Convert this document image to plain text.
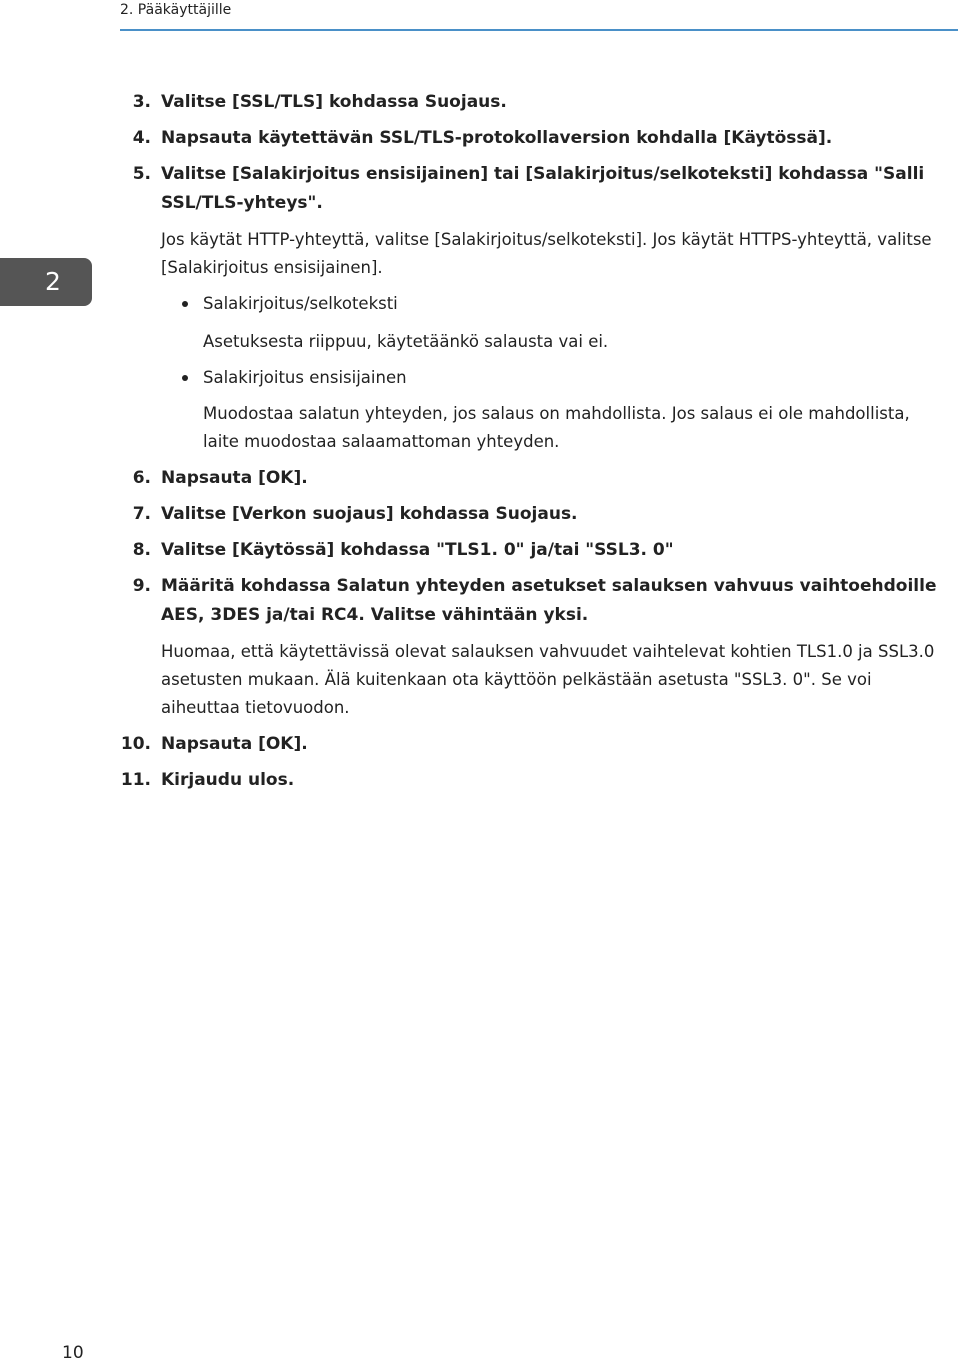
2. Pääkäyttäjille
2
3. Valitse [SSL/TLS] kohdassa Suojaus.
4. Napsauta käytettävän SSL/TLS-protokollaversion kohdalla [Käytössä].
5. Valitse [Salakirjoitus ensisijainen] tai [Salakirjoitus/selkoteksti] kohdassa "Salli SSL/TLS-yhteys".
Jos käytät HTTP-yhteyttä, valitse [Salakirjoitus/selkoteksti]. Jos käytät HTTPS-yhteyttä, valitse [Salakirjoitus ensisijainen].
Salakirjoitus/selkoteksti
Asetuksesta riippuu, käytetäänkö salausta vai ei.
Salakirjoitus ensisijainen
Muodostaa salatun yhteyden, jos salaus on mahdollista. Jos salaus ei ole mahdollista, laite muodostaa salaamattoman yhteyden.
6. Napsauta [OK].
7. Valitse [Verkon suojaus] kohdassa Suojaus.
8. Valitse [Käytössä] kohdassa "TLS1. 0" ja/tai "SSL3. 0"
9. Määritä kohdassa Salatun yhteyden asetukset salauksen vahvuus vaihtoehdoille AES, 3DES ja/tai RC4. Valitse vähintään yksi.
Huomaa, että käytettävissä olevat salauksen vahvuudet vaihtelevat kohtien TLS1.0 ja SSL3.0 asetusten mukaan. Älä kuitenkaan ota käyttöön pelkästään asetusta "SSL3. 0". Se voi aiheuttaa tietovuodon.
10. Napsauta [OK].
11. Kirjaudu ulos.
10
